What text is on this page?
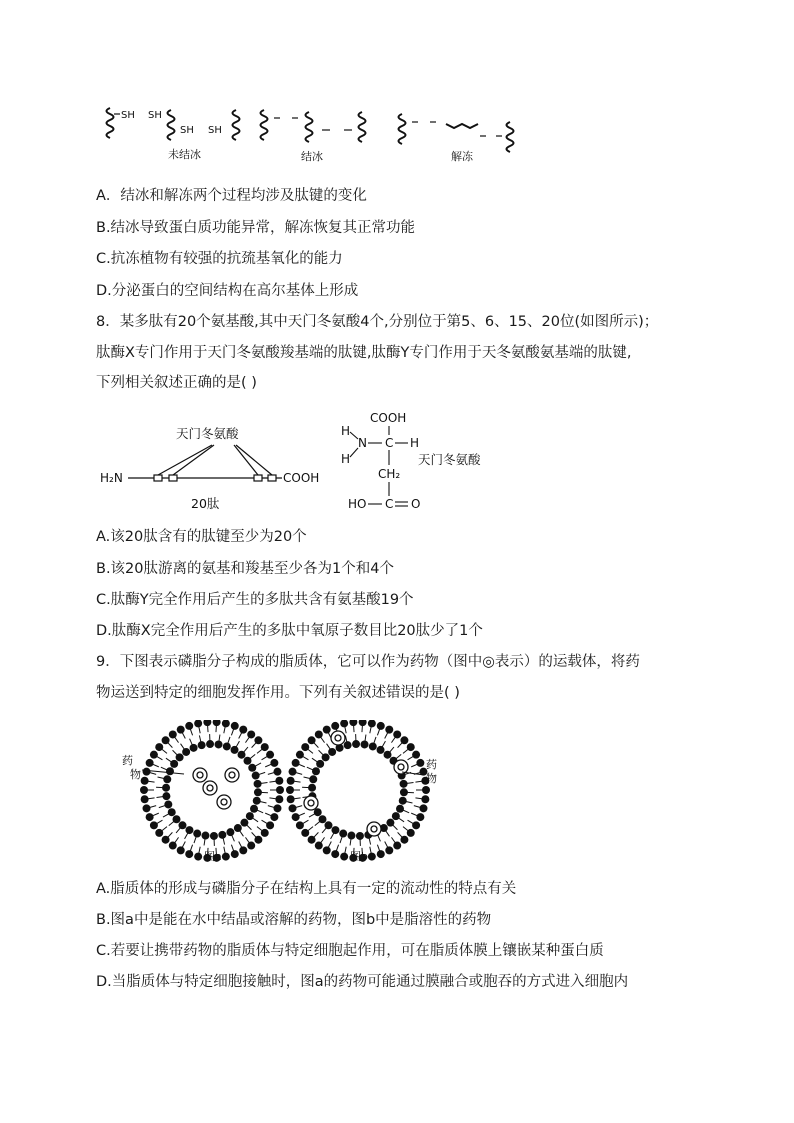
SH SH
SH SH
未结冰	结冰	解冻
A．结冰和解冻两个过程均涉及肽键的变化
B.结冰导致蛋白质功能异常，解冻恢复其正常功能
C.抗冻植物有较强的抗巯基氧化的能力
D.分泌蛋白的空间结构在高尔基体上形成
8．某多肽有20个氨基酸,其中天门冬氨酸4个,分别位于第5、6、15、20位(如图所示)；
肽酶X专门作用于天门冬氨酸羧基端的肽键,肽酶Y专门作用于天冬氨酸氨基端的肽键,
下列相关叙述正确的是( )
天门冬氨酸
H₂N	COOH
20肽
COOH
H
N
H
C H
CH₂
天门冬氨酸
HO C O
A.该20肽含有的肽键至少为20个
B.该20肽游离的氨基和羧基至少各为1个和4个
C.肽酶Y完全作用后产生的多肽共含有氨基酸19个
D.肽酶X完全作用后产生的多肽中氧原子数目比20肽少了1个
9．下图表示磷脂分子构成的脂质体，它可以作为药物（图中◎表示）的运载体，将药
物运送到特定的细胞发挥作用。下列有关叙述错误的是( )
药
物
药
物
图a	图b
A.脂质体的形成与磷脂分子在结构上具有一定的流动性的特点有关
B.图a中是能在水中结晶或溶解的药物，图b中是脂溶性的药物
C.若要让携带药物的脂质体与特定细胞起作用，可在脂质体膜上镶嵌某种蛋白质
D.当脂质体与特定细胞接触时，图a的药物可能通过膜融合或胞吞的方式进入细胞内
